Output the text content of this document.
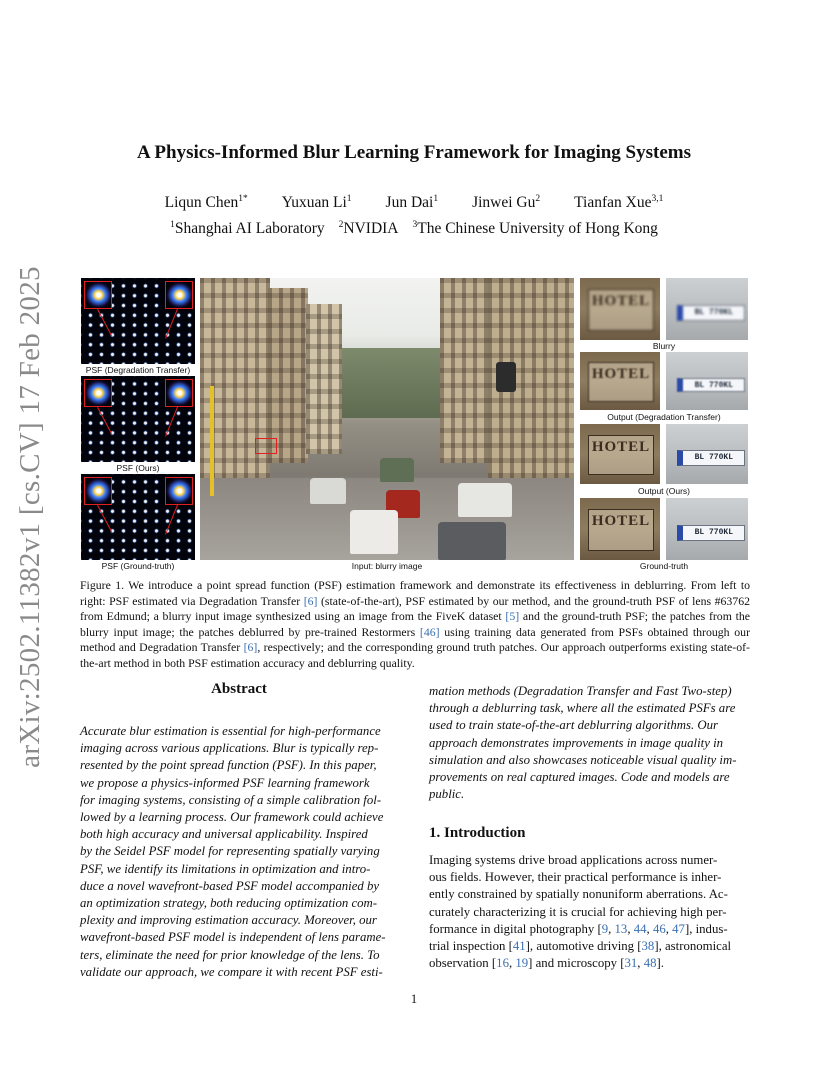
arXiv:2502.11382v1 [cs.CV] 17 Feb 2025
A Physics-Informed Blur Learning Framework for Imaging Systems
Liqun Chen$^{1*}$ Yuxuan Li$^1$ Jun Dai$^1$ Jinwei Gu$^2$ Tianfan Xue$^{3,1}$
$^1$Shanghai AI Laboratory $^2$NVIDIA $^3$The Chinese University of Hong Kong
PSF (Degradation Transfer)
PSF (Ours)
PSF (Ground-truth)	Input: blurry image
HOTEL
BL 770KL
Blurry
HOTEL
BL 770KL
Output (Degradation Transfer)
HOTEL
BL 770KL
Output (Ours)
HOTEL
BL 770KL
Ground-truth
Figure 1. We introduce a point spread function (PSF) estimation framework and demonstrate its effectiveness in deblurring. From left to right: PSF estimated via Degradation Transfer [6] (state-of-the-art), PSF estimated by our method, and the ground-truth PSF of lens #63762 from Edmund; a blurry input image synthesized using an image from the FiveK dataset [5] and the ground-truth PSF; the patches from the blurry input image; the patches deblurred by pre-trained Restormers [46] using training data generated from PSFs obtained through our method and Degradation Transfer [6], respectively; and the corresponding ground truth patches. Our approach outperforms existing state-of-the-art method in both PSF estimation accuracy and deblurring quality.
Abstract
Accurate blur estimation is essential for high-performance
imaging across various applications. Blur is typically rep-
resented by the point spread function (PSF). In this paper,
we propose a physics-informed PSF learning framework
for imaging systems, consisting of a simple calibration fol-
lowed by a learning process. Our framework could achieve
both high accuracy and universal applicability. Inspired
by the Seidel PSF model for representing spatially varying
PSF, we identify its limitations in optimization and intro-
duce a novel wavefront-based PSF model accompanied by
an optimization strategy, both reducing optimization com-
plexity and improving estimation accuracy. Moreover, our
wavefront-based PSF model is independent of lens parame-
ters, eliminate the need for prior knowledge of the lens. To
validate our approach, we compare it with recent PSF esti-
mation methods (Degradation Transfer and Fast Two-step)
through a deblurring task, where all the estimated PSFs are
used to train state-of-the-art deblurring algorithms. Our
approach demonstrates improvements in image quality in
simulation and also showcases noticeable visual quality im-
provements on real captured images. Code and models are
public.
1. Introduction
Imaging systems drive broad applications across numer-
ous fields. However, their practical performance is inher-
ently constrained by spatially nonuniform aberrations. Ac-
curately characterizing it is crucial for achieving high per-
formance in digital photography [9, 13, 44, 46, 47], indus-
trial inspection [41], automotive driving [38], astronomical
observation [16, 19] and microscopy [31, 48].
1
